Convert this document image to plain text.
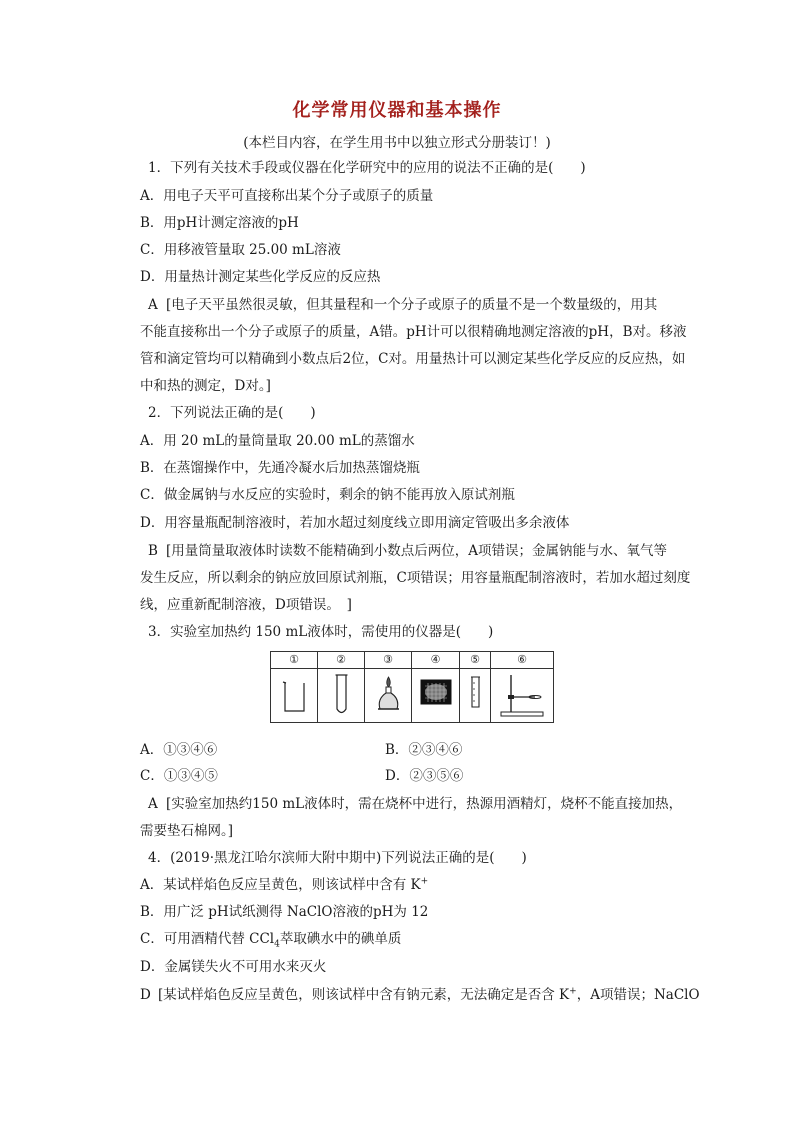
化学常用仪器和基本操作
(本栏目内容，在学生用书中以独立形式分册装订！)
1．下列有关技术手段或仪器在化学研究中的应用的说法不正确的是(　　)
A．用电子天平可直接称出某个分子或原子的质量
B．用pH计测定溶液的pH
C．用移液管量取 25.00 mL溶液
D．用量热计测定某些化学反应的反应热
A [电子天平虽然很灵敏，但其量程和一个分子或原子的质量不是一个数量级的，用其
不能直接称出一个分子或原子的质量，A错。pH计可以很精确地测定溶液的pH，B对。移液
管和滴定管均可以精确到小数点后2位，C对。用量热计可以测定某些化学反应的反应热，如
中和热的测定，D对。]
2．下列说法正确的是(　　)
A．用 20 mL的量筒量取 20.00 mL的蒸馏水
B．在蒸馏操作中，先通冷凝水后加热蒸馏烧瓶
C．做金属钠与水反应的实验时，剩余的钠不能再放入原试剂瓶
D．用容量瓶配制溶液时，若加水超过刻度线立即用滴定管吸出多余液体
B [用量筒量取液体时读数不能精确到小数点后两位，A项错误；金属钠能与水、氧气等
发生反应，所以剩余的钠应放回原试剂瓶，C项错误；用容量瓶配制溶液时，若加水超过刻度
线，应重新配制溶液，D项错误。　]
3．实验室加热约 150 mL液体时，需使用的仪器是(　　)
①	②	③	④	⑤	⑥
A．①③④⑥	B．②③④⑥
C．①③④⑤	D．②③⑤⑥
A [实验室加热约150 mL液体时，需在烧杯中进行，热源用酒精灯，烧杯不能直接加热，
需要垫石棉网。]
4．(2019·黑龙江哈尔滨师大附中期中)下列说法正确的是(　　)
A．某试样焰色反应呈黄色，则该试样中含有 K+
B．用广泛 pH试纸测得 NaClO溶液的pH为 12
C．可用酒精代替 CCl$_4$萃取碘水中的碘单质
D．金属镁失火不可用水来灭火
D [某试样焰色反应呈黄色，则该试样中含有钠元素，无法确定是否含 K+，A项错误；NaClO
